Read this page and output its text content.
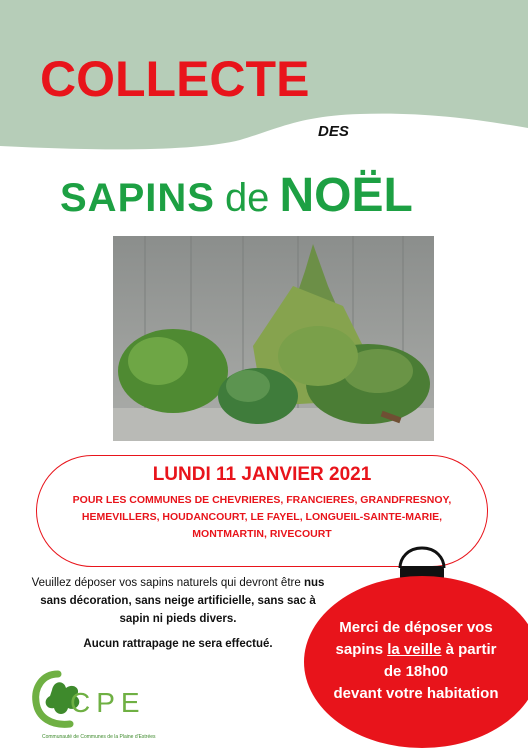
COLLECTE
DES
SAPINS de NOËL
LUNDI 11 JANVIER 2021
POUR LES COMMUNES DE CHEVRIERES, FRANCIERES, GRANDFRESNOY,
HEMEVILLERS, HOUDANCOURT, LE FAYEL, LONGUEIL-SAINTE-MARIE,
MONTMARTIN, RIVECOURT
Veuillez déposer vos sapins naturels qui devront être nus sans décoration, sans neige artificielle, sans sac à sapin ni pieds divers.
Aucun rattrapage ne sera effectué.
Merci de déposer vos
sapins la veille à partir
de 18h00
devant votre habitation
CPE
Communauté de Communes de la Plaine d'Estrées
